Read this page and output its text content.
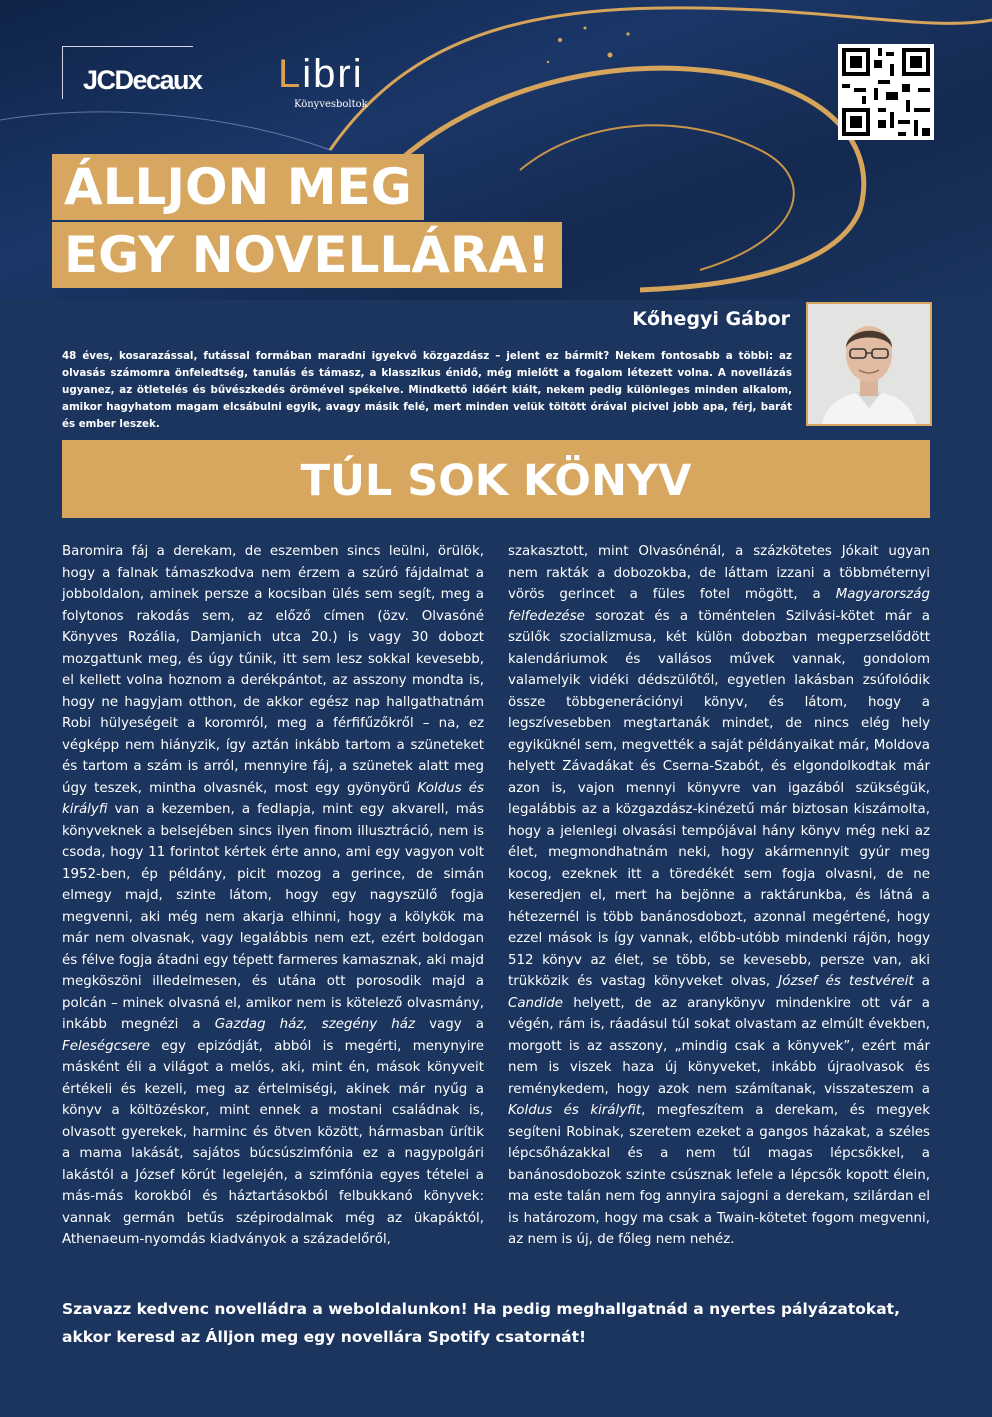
JCDecaux Libri
Könyvesboltok
ÁLLJON MEG
EGY NOVELLÁRA!
Kőhegyi Gábor
48 éves, kosarazással, futással formában maradni igyekvő közgazdász – jelent ez bármit? Nekem fontosabb a többi: az olvasás számomra önfeledtség, tanulás és támasz, a klasszikus énidő, még mielőtt a fogalom létezett volna. A novellázás ugyanez, az ötletelés és bűvészkedés örömével spékelve. Mindkettő időért kiált, nekem pedig különleges minden alkalom, amikor hagyhatom magam elcsábulni egyik, avagy másik felé, mert minden velük töltött órával picivel jobb apa, férj, barát és ember leszek.
TÚL SOK KÖNYV
Baromira fáj a derekam, de eszemben sincs leülni, örülök, hogy a falnak támaszkodva nem érzem a szúró fájdalmat a jobboldalon, aminek persze a kocsiban ülés sem segít, meg a folytonos rakodás sem, az előző címen (özv. Olvasóné Könyves Rozália, Damjanich utca 20.) is vagy 30 dobozt mozgattunk meg, és úgy tűnik, itt sem lesz sokkal kevesebb, el kellett volna hoznom a derékpántot, az asszony mondta is, hogy ne hagyjam otthon, de akkor egész nap hallgathatnám Robi hülyeségeit a koromról, meg a férfifűzőkről – na, ez végképp nem hiányzik, így aztán inkább tartom a szüneteket és tartom a szám is arról, mennyire fáj, a szünetek alatt meg úgy teszek, mintha olvasnék, most egy gyönyörű Koldus és királyfi van a kezemben, a fedlapja, mint egy akvarell, más könyveknek a belsejében sincs ilyen finom illusztráció, nem is csoda, hogy 11 forintot kértek érte anno, ami egy vagyon volt 1952-ben, ép példány, picit mozog a gerince, de simán elmegy majd, szinte látom, hogy egy nagyszülő fogja megvenni, aki még nem akarja elhinni, hogy a kölykök ma már nem olvasnak, vagy legalábbis nem ezt, ezért boldogan és félve fogja átadni egy tépett farmeres kamasznak, aki majd megköszöni illedelmesen, és utána ott porosodik majd a polcán – minek olvasná el, amikor nem is kötelező olvasmány, inkább megnézi a Gazdag ház, szegény ház vagy a Feleségcsere egy epizódját, abból is megérti, menynyire másként éli a világot a melós, aki, mint én, mások könyveit értékeli és kezeli, meg az értelmiségi, akinek már nyűg a könyv a költözéskor, mint ennek a mostani családnak is, olvasott gyerekek, harminc és ötven között, hármasban ürítik a mama lakását, sajátos búcsúszimfónia ez a nagypolgári lakástól a József körút legelején, a szimfónia egyes tételei a más-más korokból és háztartásokból felbukkanó könyvek: vannak germán betűs szépirodalmak még az ükapáktól, Athenaeum-nyomdás kiadványok a századelőről,
szakasztott, mint Olvasónénál, a százkötetes Jókait ugyan nem rakták a dobozokba, de láttam izzani a többméternyi vörös gerincet a füles fotel mögött, a Magyarország felfedezése sorozat és a töméntelen Szilvási-kötet már a szülők szocializmusa, két külön dobozban megperzselődött kalendáriumok és vallásos művek vannak, gondolom valamelyik vidéki dédszülőtől, egyetlen lakásban zsúfolódik össze többgenerációnyi könyv, és látom, hogy a legszívesebben megtartanák mindet, de nincs elég hely egyiküknél sem, megvették a saját példányaikat már, Moldova helyett Závadákat és Cserna-Szabót, és elgondolkodtak már azon is, vajon mennyi könyvre van igazából szükségük, legalábbis az a közgazdász-kinézetű már biztosan kiszámolta, hogy a jelenlegi olvasási tempójával hány könyv még neki az élet, megmondhatnám neki, hogy akármennyit gyúr meg kocog, ezeknek itt a töredékét sem fogja olvasni, de ne keseredjen el, mert ha bejönne a raktárunkba, és látná a hétezernél is több banánosdobozt, azonnal megértené, hogy ezzel mások is így vannak, előbb-utóbb mindenki rájön, hogy 512 könyv az élet, se több, se kevesebb, persze van, aki trükközik és vastag könyveket olvas, József és testvéreit a Candide helyett, de az aranykönyv mindenkire ott vár a végén, rám is, ráadásul túl sokat olvastam az elmúlt években, morgott is az asszony, „mindig csak a könyvek”, ezért már nem is viszek haza új könyveket, inkább újraolvasok és reménykedem, hogy azok nem számítanak, visszateszem a Koldus és királyfit, megfeszítem a derekam, és megyek segíteni Robinak, szeretem ezeket a gangos házakat, a széles lépcsőházakkal és a nem túl magas lépcsőkkel, a banánosdobozok szinte csúsznak lefele a lépcsők kopott élein, ma este talán nem fog annyira sajogni a derekam, szilárdan el is határozom, hogy ma csak a Twain-kötetet fogom megvenni, az nem is új, de főleg nem nehéz.
Szavazz kedvenc novelládra a weboldalunkon! Ha pedig meghallgatnád a nyertes pályázatokat,
akkor keresd az Álljon meg egy novellára Spotify csatornát!
